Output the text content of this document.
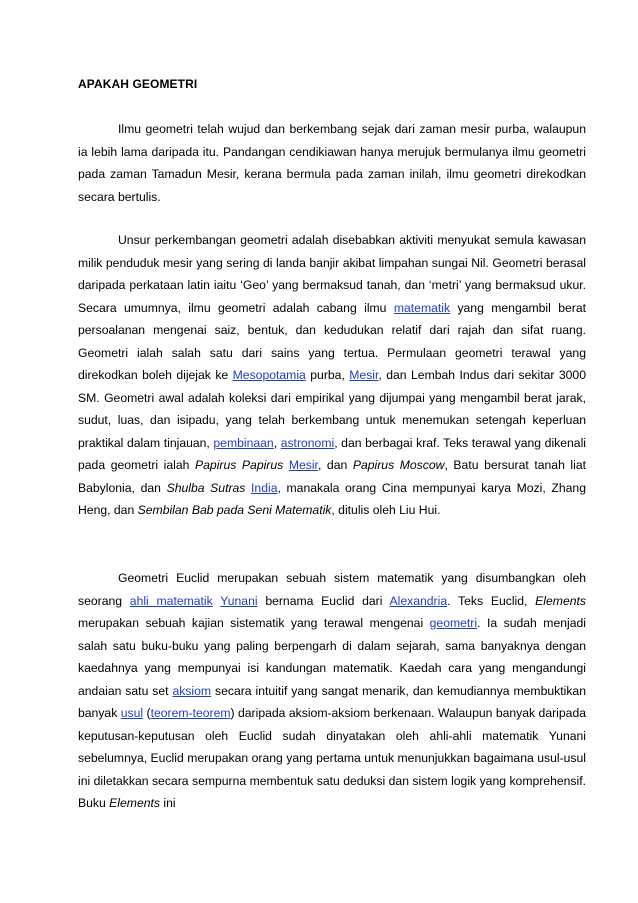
APAKAH GEOMETRI

Ilmu geometri telah wujud dan berkembang sejak dari zaman mesir purba, walaupun ia lebih lama daripada itu. Pandangan cendikiawan hanya merujuk bermulanya ilmu geometri pada zaman Tamadun Mesir, kerana bermula pada zaman inilah, ilmu geometri direkodkan secara bertulis.

Unsur perkembangan geometri adalah disebabkan aktiviti menyukat semula kawasan milik penduduk mesir yang sering di landa banjir akibat limpahan sungai Nil. Geometri berasal daripada perkataan latin iaitu ‘Geo’ yang bermaksud tanah, dan ‘metri’ yang bermaksud ukur. Secara umumnya, ilmu geometri adalah cabang ilmu matematik yang mengambil berat persoalanan mengenai saiz, bentuk, dan kedudukan relatif dari rajah dan sifat ruang. Geometri ialah salah satu dari sains yang tertua. Permulaan geometri terawal yang direkodkan boleh dijejak ke Mesopotamia purba, Mesir, dan Lembah Indus dari sekitar 3000 SM. Geometri awal adalah koleksi dari empirikal yang dijumpai yang mengambil berat jarak, sudut, luas, dan isipadu, yang telah berkembang untuk menemukan setengah keperluan praktikal dalam tinjauan, pembinaan, astronomi, dan berbagai kraf. Teks terawal yang dikenali pada geometri ialah Papirus Papirus Mesir, dan Papirus Moscow, Batu bersurat tanah liat Babylonia, dan Shulba Sutras India, manakala orang Cina mempunyai karya Mozi, Zhang Heng, dan Sembilan Bab pada Seni Matematik, ditulis oleh Liu Hui.

Geometri Euclid merupakan sebuah sistem matematik yang disumbangkan oleh seorang ahli matematik Yunani bernama Euclid dari Alexandria. Teks Euclid, Elements merupakan sebuah kajian sistematik yang terawal mengenai geometri. Ia sudah menjadi salah satu buku-buku yang paling berpengarh di dalam sejarah, sama banyaknya dengan kaedahnya yang mempunyai isi kandungan matematik. Kaedah cara yang mengandungi andaian satu set aksiom secara intuitif yang sangat menarik, dan kemudiannya membuktikan banyak usul (teorem-teorem) daripada aksiom-aksiom berkenaan. Walaupun banyak daripada keputusan-keputusan oleh Euclid sudah dinyatakan oleh ahli-ahli matematik Yunani sebelumnya, Euclid merupakan orang yang pertama untuk menunjukkan bagaimana usul-usul ini diletakkan secara sempurna membentuk satu deduksi dan sistem logik yang komprehensif. Buku Elements ini
